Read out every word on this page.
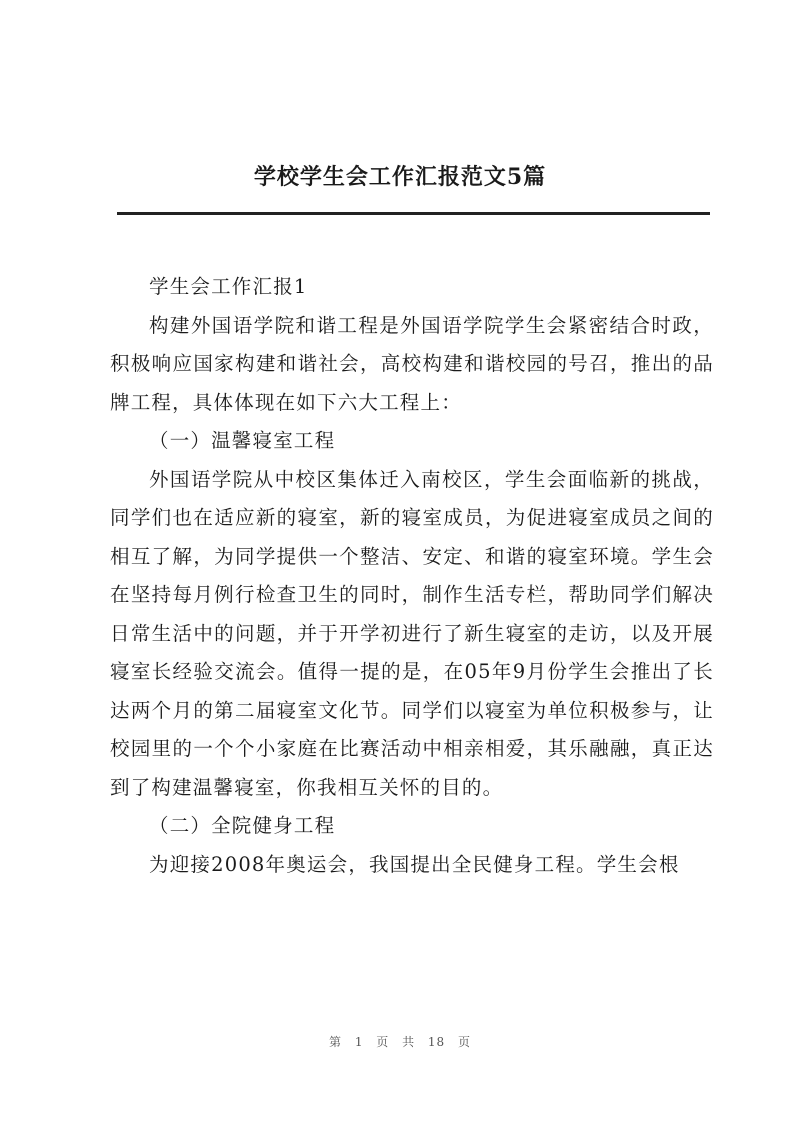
学校学生会工作汇报范文5篇

学生会工作汇报1

构建外国语学院和谐工程是外国语学院学生会紧密结合时政，积极响应国家构建和谐社会，高校构建和谐校园的号召，推出的品牌工程，具体体现在如下六大工程上：

（一）温馨寝室工程

外国语学院从中校区集体迁入南校区，学生会面临新的挑战，同学们也在适应新的寝室，新的寝室成员，为促进寝室成员之间的相互了解，为同学提供一个整洁、安定、和谐的寝室环境。学生会在坚持每月例行检查卫生的同时，制作生活专栏，帮助同学们解决日常生活中的问题，并于开学初进行了新生寝室的走访，以及开展寝室长经验交流会。值得一提的是，在05年9月份学生会推出了长达两个月的第二届寝室文化节。同学们以寝室为单位积极参与，让校园里的一个个小家庭在比赛活动中相亲相爱，其乐融融，真正达到了构建温馨寝室，你我相互关怀的目的。

（二）全院健身工程

为迎接2008年奥运会，我国提出全民健身工程。学生会根

第 1 页 共 18 页
